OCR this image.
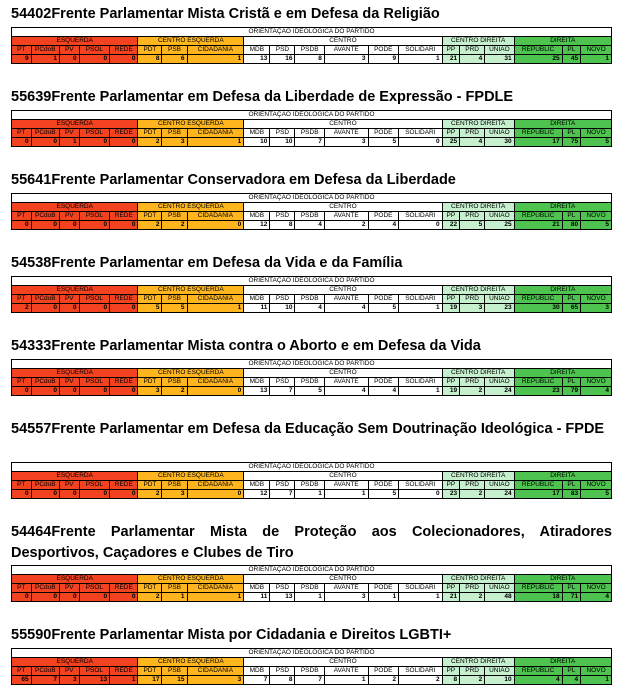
54402Frente Parlamentar Mista Cristã e em Defesa da Religião
ORIENTAÇÃO IDEOLOGICA DO PARTIDO																			
ESQUERDA					CENTRO ESQUERDA			CENTRO						CENTRO DIREITA			DIREITA		
PT	PCdoB	PV	PSOL	REDE	PDT	PSB	CIDADANIA	MDB	PSD	PSDB	AVANTE	PODE	SOLIDARI	PP	PRD	UNIAO	REPUBLIC	PL	NOVO
9	1	0	0	0	8	6	1	13	16	8	3	9	1	21	4	31	25	45	1
55639Frente Parlamentar em Defesa da Liberdade de Expressão - FPDLE
ORIENTAÇÃO IDEOLOGICA DO PARTIDO																			
ESQUERDA					CENTRO ESQUERDA			CENTRO						CENTRO DIREITA			DIREITA		
PT	PCdoB	PV	PSOL	REDE	PDT	PSB	CIDADANIA	MDB	PSD	PSDB	AVANTE	PODE	SOLIDARI	PP	PRD	UNIAO	REPUBLIC	PL	NOVO
0	0	1	0	0	2	3	1	10	10	7	3	5	0	25	4	30	17	75	5
55641Frente Parlamentar Conservadora em Defesa da Liberdade
ORIENTAÇÃO IDEOLOGICA DO PARTIDO																			
ESQUERDA					CENTRO ESQUERDA			CENTRO						CENTRO DIREITA			DIREITA		
PT	PCdoB	PV	PSOL	REDE	PDT	PSB	CIDADANIA	MDB	PSD	PSDB	AVANTE	PODE	SOLIDARI	PP	PRD	UNIAO	REPUBLIC	PL	NOVO
0	0	0	0	0	2	2	0	12	8	4	2	4	0	22	5	25	21	80	5
54538Frente Parlamentar em Defesa da Vida e da Família
ORIENTAÇÃO IDEOLOGICA DO PARTIDO																			
ESQUERDA					CENTRO ESQUERDA			CENTRO						CENTRO DIREITA			DIREITA		
PT	PCdoB	PV	PSOL	REDE	PDT	PSB	CIDADANIA	MDB	PSD	PSDB	AVANTE	PODE	SOLIDARI	PP	PRD	UNIAO	REPUBLIC	PL	NOVO
2	0	0	0	0	5	5	1	11	10	4	4	5	1	19	3	23	30	65	3
54333Frente Parlamentar Mista contra o Aborto e em Defesa da Vida
ORIENTAÇÃO IDEOLOGICA DO PARTIDO																			
ESQUERDA					CENTRO ESQUERDA			CENTRO						CENTRO DIREITA			DIREITA		
PT	PCdoB	PV	PSOL	REDE	PDT	PSB	CIDADANIA	MDB	PSD	PSDB	AVANTE	PODE	SOLIDARI	PP	PRD	UNIAO	REPUBLIC	PL	NOVO
0	0	0	0	0	3	2	0	13	7	5	4	4	1	19	2	24	23	79	4
54557Frente Parlamentar em Defesa da Educação Sem Doutrinação Ideológica - FPDE
ORIENTAÇÃO IDEOLOGICA DO PARTIDO																			
ESQUERDA					CENTRO ESQUERDA			CENTRO						CENTRO DIREITA			DIREITA		
PT	PCdoB	PV	PSOL	REDE	PDT	PSB	CIDADANIA	MDB	PSD	PSDB	AVANTE	PODE	SOLIDARI	PP	PRD	UNIAO	REPUBLIC	PL	NOVO
0	0	0	0	0	2	3	0	12	7	1	1	5	0	23	2	24	17	83	5
54464Frente Parlamentar Mista de Proteção aos Colecionadores, Atiradores Desportivos, Caçadores e Clubes de Tiro
ORIENTAÇÃO IDEOLOGICA DO PARTIDO																			
ESQUERDA					CENTRO ESQUERDA			CENTRO						CENTRO DIREITA			DIREITA		
PT	PCdoB	PV	PSOL	REDE	PDT	PSB	CIDADANIA	MDB	PSD	PSDB	AVANTE	PODE	SOLIDARI	PP	PRD	UNIAO	REPUBLIC	PL	NOVO
0	0	0	0	0	2	1	1	11	13	1	3	1	1	21	2	48	18	71	4
55590Frente Parlamentar Mista por Cidadania e Direitos LGBTI+
ORIENTAÇÃO IDEOLOGICA DO PARTIDO																			
ESQUERDA					CENTRO ESQUERDA			CENTRO						CENTRO DIREITA			DIREITA		
PT	PCdoB	PV	PSOL	REDE	PDT	PSB	CIDADANIA	MDB	PSD	PSDB	AVANTE	PODE	SOLIDARI	PP	PRD	UNIAO	REPUBLIC	PL	NOVO
65	7	3	13	1	17	15	3	7	8	7	1	2	2	8	2	10	4	4	1
